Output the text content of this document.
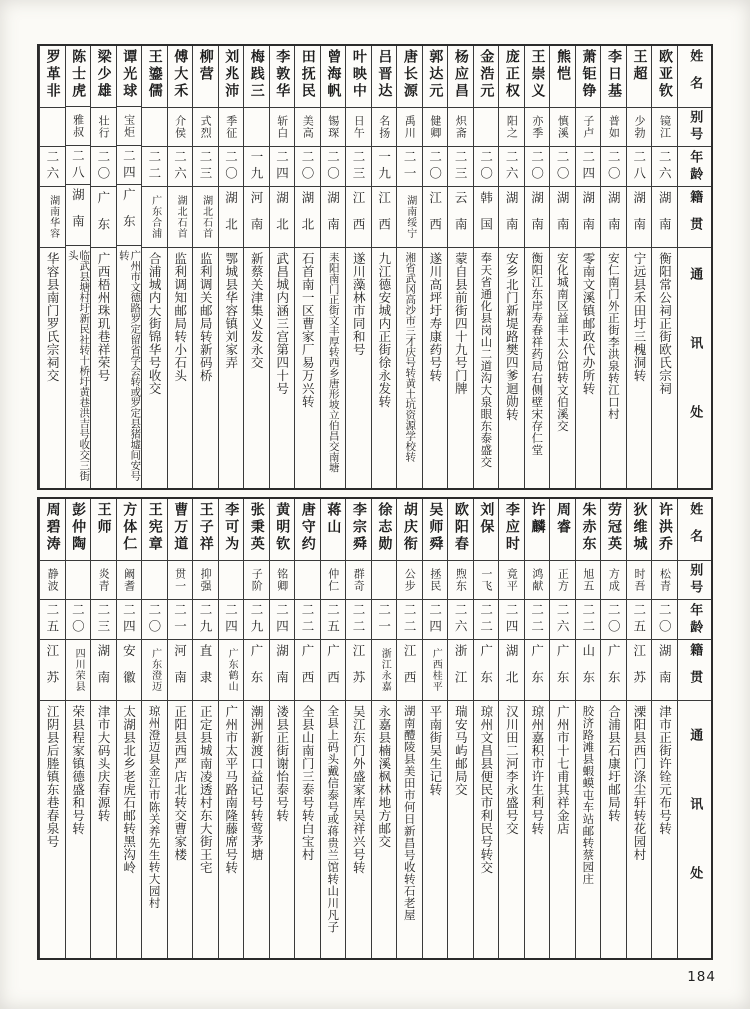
姓名
别号
年龄
籍贯
通讯处
欧亚钦
镜江
二六
湖南
衡阳常公祠正街欧氏宗祠
王超
少勃
二八
湖南
宁远县禾田圩三槐洞转
李日基
普如
二〇
湖南
安仁南门外正街李洪泉转江口村
萧钜铮
子卢
二四
湖南
零南文溪镇邮政代办所转
熊恺
慎溪
二〇
湖南
安化城南区益丰太公馆转文伯溪交
王崇义
亦季
二〇
湖南
衡阳江东岸寿春祥药局右侧壁宋存仁堂
庞正权
阳之
二六
湖南
安乡北门新堤路樊四爹迴勋转
金浩元
二〇
韩国
奉天省通化县岗山二道沟大泉眼东泰盛交
杨应昌
炽斋
二三
云南
蒙自县前街四十九号门牌
郭达元
健卿
二〇
江西
遂川高坪圩寿康药号转
唐长源
禹川
二一
湖南绥宁
湘省武冈高沙市三才庆号转黄土坑资源学校转
吕晋达
名扬
一九
江西
九江德安城内正街徐永发转
叶映中
日午
二三
江西
遂川藻林市同和号
曾海帆
锡琛
二〇
湖南
耒阳南门正街文丰厚转西乡唐形坡立伯昌交南塘
田抚民
美高
二〇
湖北
石首南一区曹家厂易万兴转
李敦华
斩白
二四
湖北
武昌城内涵三宫第四十号
梅践三
一九
河南
新蔡关津集义发永交
刘兆沛
季征
二〇
湖北
鄂城县华容镇刘家弄
柳营
式烈
二三
湖北石首
监利调关邮局转新码桥
傅大禾
介侯
二六
湖北石首
监利调知邮局转小石头
王鎏儒
二二
广东合浦
合浦城内大街锦华号收交
谭光球
宝炬
二四
广东
广州市文德路罗定留省学会转或罗定县猪墟间安号转
梁少雄
壮行
二〇
广东
广西梧州珠玑巷祥荣号
陈士虎
雅叔
二八
湖南
临武县塘村圩新民社转十桥圩黄巷洪吉号收交三街头
罗革非
二六
湖南华容
华容县南门罗氏宗祠交
姓名
别号
年龄
籍贯
通讯处
许洪乔
松青
二〇
湖南
津市正街许铨元布号转
狄维城
时吾
二五
江苏
溧阳县西门涤尘轩转花园村
劳冠英
方成
二〇
广东
合浦县石康圩邮局转
朱赤东
旭五
二二
山东
胶济路滩县蝦蟆屯车站邮转蔡园庄
周睿
正方
二六
广东
广州市十七甫其祥金店
许麟
鸿献
二二
广东
琼州嘉积市许生利号转
李应时
竟平
二四
湖北
汉川田二河李永盛号交
刘保
一飞
二二
广东
琼州文昌县便民市利民号转交
欧阳春
煦东
二六
浙江
瑞安马屿邮局交
吴师舜
拯民
二四
广西桂平
平南街吴生记转
胡庆衔
公步
二二
江西
湖南醴陵县美田市何日新昌号收转石老屋
徐志勋
二一
浙江永嘉
永嘉县楠溪枫林地方邮交
李宗舜
群奇
二二
江苏
吴江东门外盛家库吴祥兴号转
蒋山
仲仁
二五
广西
全县上码头戴信泰号或蒋贵兰馆转山川凡子
唐守约
二二
广西
全县山南门三泰号转白宝村
黄明钦
铭卿
二四
湖南
溇县正街谢怡泰号转
张秉英
子阶
二九
广东
潮洲新渡口益记号转莺茅塘
李可为
二四
广东鹤山
广州市太平马路南隆藤席号转
王子祥
抑强
二九
直隶
正定县城南凌透村东大街王宅
曹万道
贯一
二一
河南
正阳县西严店北转交曹家楼
王宪章
二〇
广东澄迈
琼州澄迈县金江市陈关养先生转大园村
方体仁
阚耆
二四
安徽
太湖县北乡老虎石邮转黑沟岭
王师
炎青
二三
湖南
津市大码头庆春源转
彭仲陶
二〇
四川荣县
荣县程家镇德盛和号转
周碧涛
静波
二五
江苏
江阴县后塍镇东巷春泉号
184
